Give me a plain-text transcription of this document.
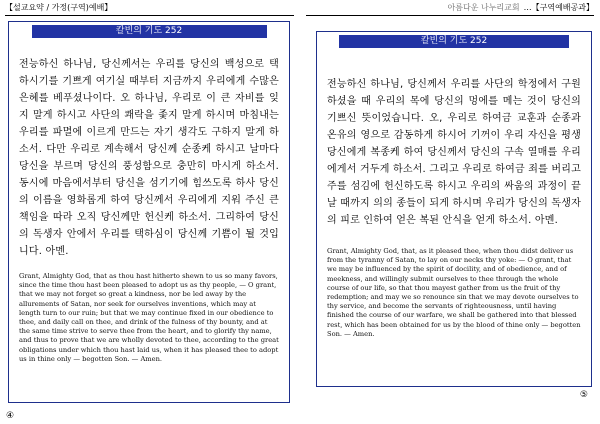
【설교요약 / 가정(구역)예배】
칼빈의 기도 252

전능하신 하나님, 당신께서는 우리를 당신의 백성으로 택하시기를 기쁘게 여기실 때부터 지금까지 우리에게 수많은 은혜를 베푸셨나이다. 오 하나님, 우리로 이 큰 자비를 잊지 말게 하시고 사단의 쾌락을 좇지 말게 하시며 마침내는 우리를 파멸에 이르게 만드는 자기 생각도 구하지 말게 하소서. 다만 우리로 계속해서 당신께 순종케 하시고 날마다 당신을 부르며 당신의 풍성함으로 충만히 마시게 하소서. 동시에 마음에서부터 당신을 섬기기에 힘쓰도록 하사 당신의 이름을 영화롭게 하여 당신께서 우리에게 지워 주신 큰 책임을 따라 오직 당신께만 헌신케 하소서. 그리하여 당신의 독생자 안에서 우리를 택하심이 당신께 기쁨이 될 것입니다. 아멘.

Grant, Almighty God, that as thou hast hitherto shewn to us so many favors, since the time thou hast been pleased to adopt us as thy people, — O grant, that we may not forget so great a kindness, nor be led away by the allurements of Satan, nor seek for ourselves inventions, which may at length turn to our ruin; but that we may continue fixed in our obedience to thee, and daily call on thee, and drink of the fulness of thy bounty, and at the same time strive to serve thee from the heart, and to glorify thy name, and thus to prove that we are wholly devoted to thee, according to the great obligations under which thou hast laid us, when it has pleased thee to adopt us in thine only — begotten Son. — Amen.

④
아름다운 나누리교회 …【구역예배공과】
칼빈의 기도 252

전능하신 하나님, 당신께서 우리를 사단의 학정에서 구원하셨을 때 우리의 목에 당신의 멍에를 메는 것이 당신의 기쁘신 뜻이었습니다. 오, 우리로 하여금 교훈과 순종과 온유의 영으로 감동하게 하시어 기꺼이 우리 자신을 평생 당신에게 복종케 하여 당신께서 당신의 구속 열매를 우리에게서 거두게 하소서. 그리고 우리로 하여금 죄를 버리고 주를 섬김에 헌신하도록 하시고 우리의 싸움의 과정이 끝날 때까지 의의 종들이 되게 하시며 우리가 당신의 독생자의 피로 인하여 얻은 복된 안식을 얻게 하소서. 아멘.

Grant, Almighty God, that, as it pleased thee, when thou didst deliver us from the tyranny of Satan, to lay on our necks thy yoke: — O grant, that we may be influenced by the spirit of docility, and of obedience, and of meekness, and willingly submit ourselves to thee through the whole course of our life, so that thou mayest gather from us the fruit of thy redemption; and may we so renounce sin that we may devote ourselves to thy service, and become the servants of righteousness, until having finished the course of our warfare, we shall be gathered into that blessed rest, which has been obtained for us by the blood of thine only — begotten Son. — Amen.

⑤
